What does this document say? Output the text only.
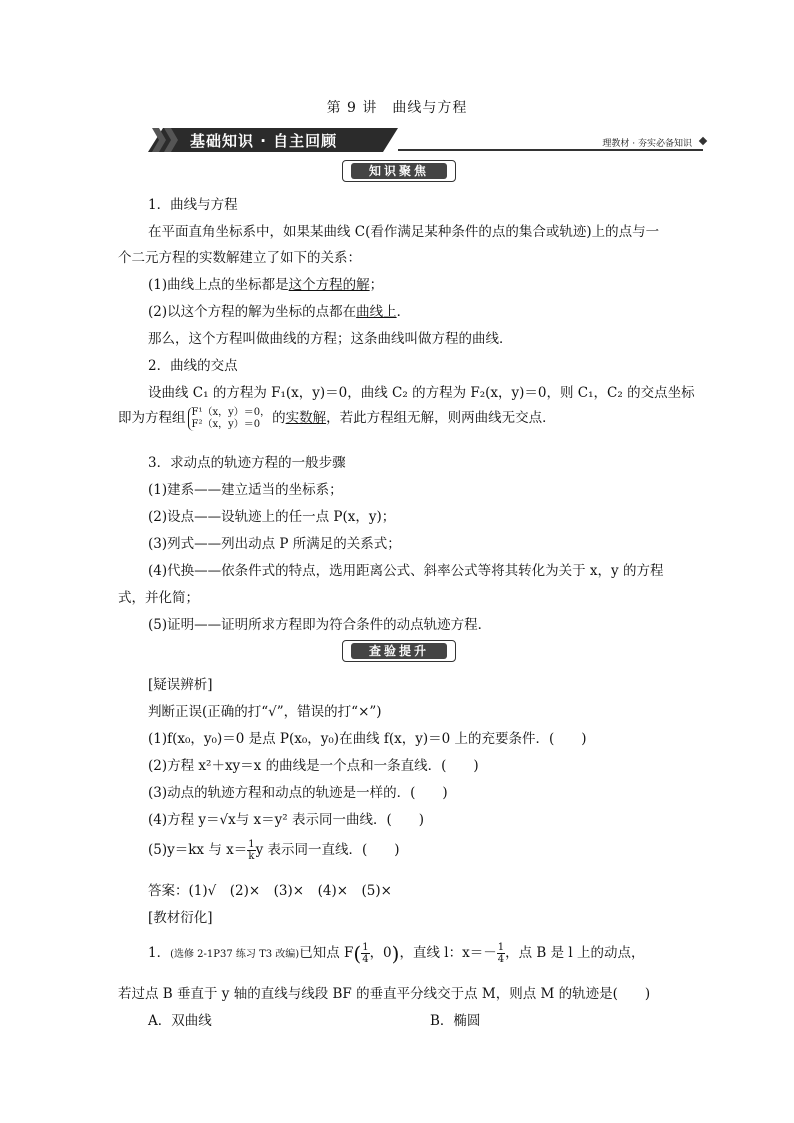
第 9 讲　曲线与方程
基础知识 · 自主回顾	理教材 · 夯实必备知识
知识聚焦
1．曲线与方程
在平面直角坐标系中，如果某曲线 C(看作满足某种条件的点的集合或轨迹)上的点与一
个二元方程的实数解建立了如下的关系：
(1)曲线上点的坐标都是这个方程的解；
(2)以这个方程的解为坐标的点都在曲线上．
那么，这个方程叫做曲线的方程；这条曲线叫做方程的曲线．
2．曲线的交点
设曲线 C₁ 的方程为 F₁(x，y)＝0，曲线 C₂ 的方程为 F₂(x，y)＝0，则 C₁，C₂ 的交点坐标
即为方程组 F¹（x，y）＝0，
F²（x，y）＝0 的实数解，若此方程组无解，则两曲线无交点．
3．求动点的轨迹方程的一般步骤
(1)建系——建立适当的坐标系；
(2)设点——设轨迹上的任一点 P(x，y)；
(3)列式——列出动点 P 所满足的关系式；
(4)代换——依条件式的特点，选用距离公式、斜率公式等将其转化为关于 x，y 的方程
式，并化简；
(5)证明——证明所求方程即为符合条件的动点轨迹方程．
查验提升
[疑误辨析]
判断正误(正确的打“√”，错误的打“×”)
(1)f(x₀，y₀)＝0 是点 P(x₀，y₀)在曲线 f(x，y)＝0 上的充要条件．(　　)
(2)方程 x²＋xy＝x 的曲线是一个点和一条直线．(　　)
(3)动点的轨迹方程和动点的轨迹是一样的．(　　)
(4)方程 y＝√x与 x＝y² 表示同一曲线．(　　)
(5)y＝kx 与 $x= \frac{1}{k}$ y 表示同一直线．(　　)
答案：(1)√　(2)×　(3)×　(4)×　(5)×
[教材衍化]
1．(选修 2-1P37 练习 T3 改编)已知点 $F( \frac{1}{4}$ ，0)，直线 l：$x=- \frac{1}{4}$ ，点 B 是 l 上的动点，
若过点 B 垂直于 y 轴的直线与线段 BF 的垂直平分线交于点 M，则点 M 的轨迹是(　　)
A．双曲线	B．椭圆
